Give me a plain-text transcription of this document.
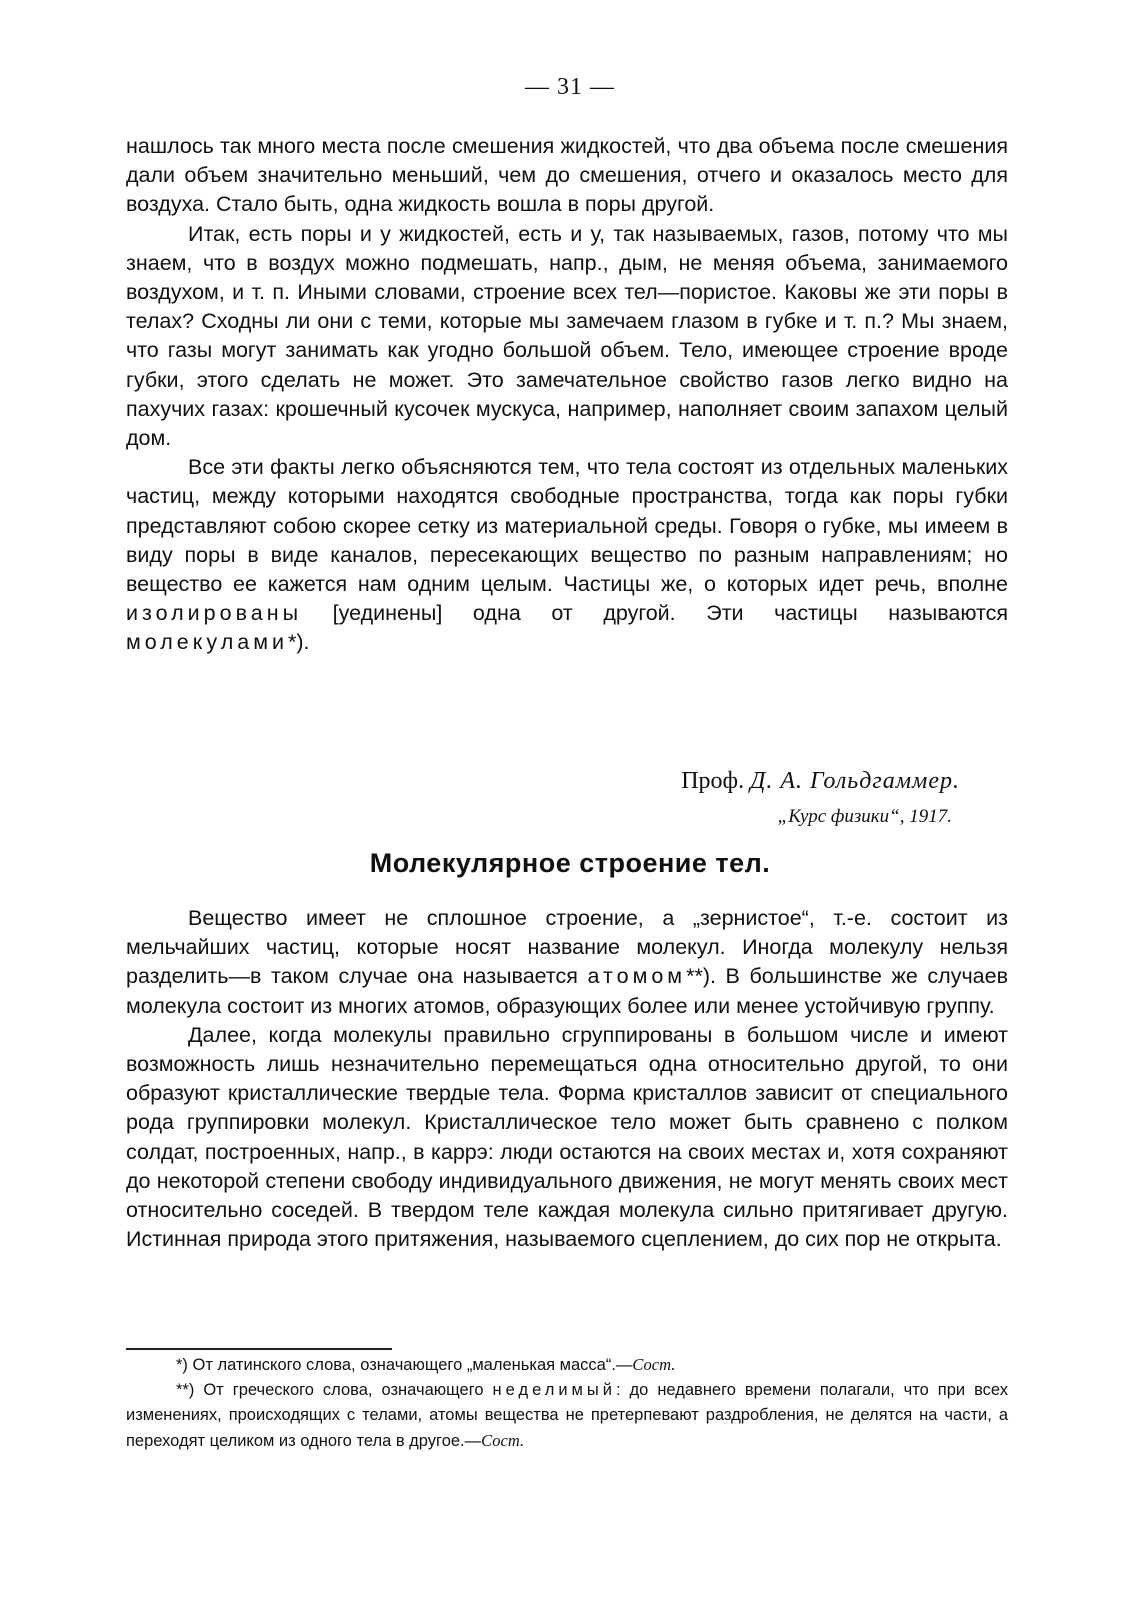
— 31 —

нашлось так много места после смешения жидкостей, что два объема после смешения дали объем значительно меньший, чем до смешения, отчего и оказалось место для воздуха. Стало быть, одна жидкость вошла в поры другой.

Итак, есть поры и у жидкостей, есть и у, так называемых, газов, потому что мы знаем, что в воздух можно подмешать, напр., дым, не меняя объема, занимаемого воздухом, и т. п. Иными словами, строение всех тел—пористое. Каковы же эти поры в телах? Сходны ли они с теми, которые мы замечаем глазом в губке и т. п.? Мы знаем, что газы могут занимать как угодно большой объем. Тело, имеющее строение вроде губки, этого сделать не может. Это замечательное свойство газов легко видно на пахучих газах: крошечный кусочек мускуса, например, наполняет своим запахом целый дом.

Все эти факты легко объясняются тем, что тела состоят из отдельных маленьких частиц, между которыми находятся свободные пространства, тогда как поры губки представляют собою скорее сетку из материальной среды. Говоря о губке, мы имеем в виду поры в виде каналов, пересекающих вещество по разным направлениям; но вещество ее кажется нам одним целым. Частицы же, о которых идет речь, вполне изолированы [уединены] одна от другой. Эти частицы называются молекулами*).

Проф. Д. А. Гольдгаммер.
„Курс физики“, 1917.
Молекулярное строение тел.

Вещество имеет не сплошное строение, а „зернистое“, т.-е. состоит из мельчайших частиц, которые носят название молекул. Иногда молекулу нельзя разделить—в таком случае она называется атомом**). В большинстве же случаев молекула состоит из многих атомов, образующих более или менее устойчивую группу.

Далее, когда молекулы правильно сгруппированы в большом числе и имеют возможность лишь незначительно перемещаться одна относительно другой, то они образуют кристаллические твердые тела. Форма кристаллов зависит от специального рода группировки молекул. Кристаллическое тело может быть сравнено с полком солдат, построенных, напр., в каррэ: люди остаются на своих местах и, хотя сохраняют до некоторой степени свободу индивидуального движения, не могут менять своих мест относительно соседей. В твердом теле каждая молекула сильно притягивает другую. Истинная природа этого притяжения, называемого сцеплением, до сих пор не открыта.

*) От латинского слова, означающего „маленькая масса“.—Сост.

**) От греческого слова, означающего неделимый: до недавнего времени полагали, что при всех изменениях, происходящих с телами, атомы вещества не претерпевают раздробления, не делятся на части, а переходят целиком из одного тела в другое.—Сост.
